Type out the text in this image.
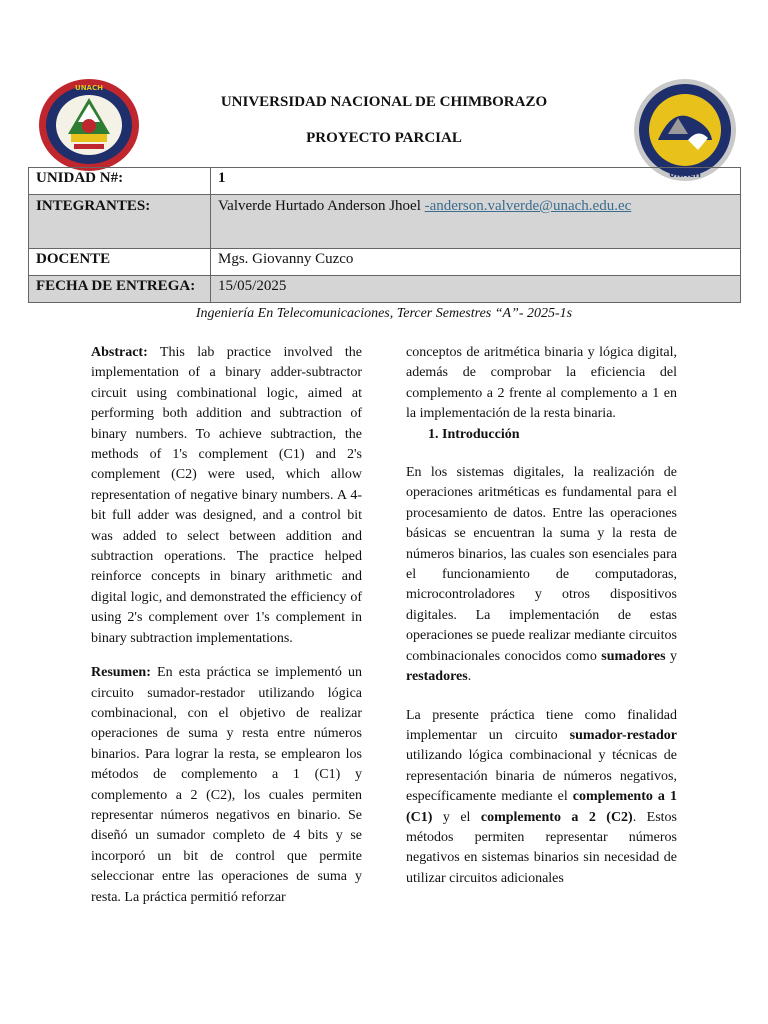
UNACH
UNACH
UNIVERSIDAD NACIONAL DE CHIMBORAZO
PROYECTO PARCIAL
UNIDAD N#:	1
INTEGRANTES:	Valverde Hurtado Anderson Jhoel -anderson.valverde@unach.edu.ec
DOCENTE	Mgs. Giovanny Cuzco
FECHA DE ENTREGA:	15/05/2025
Ingeniería En Telecomunicaciones, Tercer Semestres “A”- 2025-1s

Abstract: This lab practice involved the implementation of a binary adder-subtractor circuit using combinational logic, aimed at performing both addition and subtraction of binary numbers. To achieve subtraction, the methods of 1's complement (C1) and 2's complement (C2) were used, which allow representation of negative binary numbers. A 4-bit full adder was designed, and a control bit was added to select between addition and subtraction operations. The practice helped reinforce concepts in binary arithmetic and digital logic, and demonstrated the efficiency of using 2's complement over 1's complement in binary subtraction implementations.

Resumen: En esta práctica se implementó un circuito sumador-restador utilizando lógica combinacional, con el objetivo de realizar operaciones de suma y resta entre números binarios. Para lograr la resta, se emplearon los métodos de complemento a 1 (C1) y complemento a 2 (C2), los cuales permiten representar números negativos en binario. Se diseñó un sumador completo de 4 bits y se incorporó un bit de control que permite seleccionar entre las operaciones de suma y resta. La práctica permitió reforzar

conceptos de aritmética binaria y lógica digital, además de comprobar la eficiencia del complemento a 2 frente al complemento a 1 en la implementación de la resta binaria.

1. Introducción

En los sistemas digitales, la realización de operaciones aritméticas es fundamental para el procesamiento de datos. Entre las operaciones básicas se encuentran la suma y la resta de números binarios, las cuales son esenciales para el funcionamiento de computadoras, microcontroladores y otros dispositivos digitales. La implementación de estas operaciones se puede realizar mediante circuitos combinacionales conocidos como sumadores y restadores.

La presente práctica tiene como finalidad implementar un circuito sumador-restador utilizando lógica combinacional y técnicas de representación binaria de números negativos, específicamente mediante el complemento a 1 (C1) y el complemento a 2 (C2). Estos métodos permiten representar números negativos en sistemas binarios sin necesidad de utilizar circuitos adicionales
